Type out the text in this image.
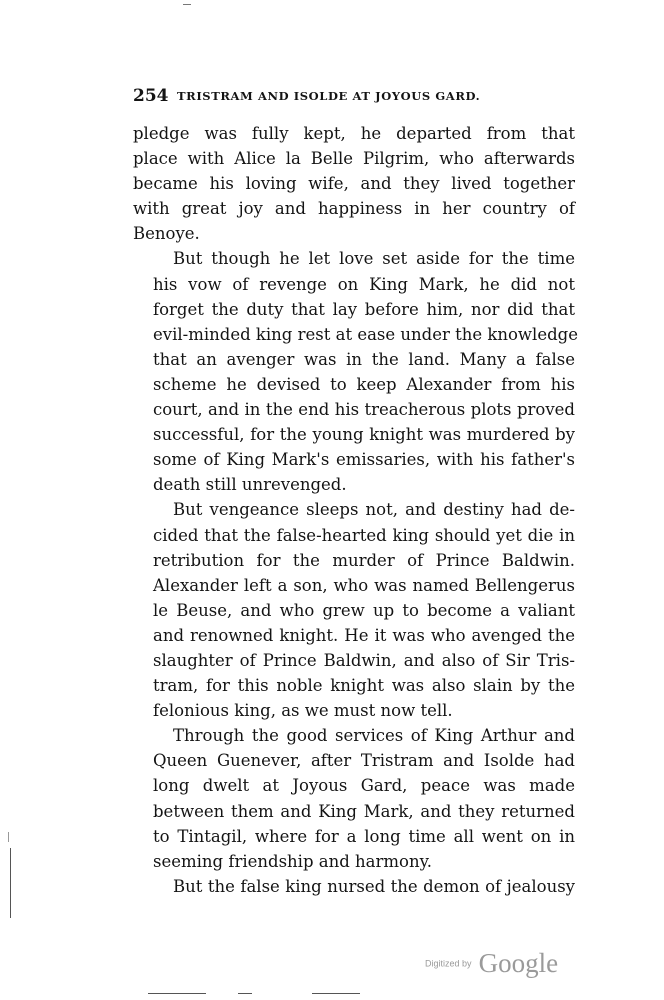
254 TRISTRAM AND ISOLDE AT JOYOUS GARD.

pledge was fully kept, he departed from that
place with Alice la Belle Pilgrim, who afterwards
became his loving wife, and they lived together
with great joy and happiness in her country of
Benoye.

But though he let love set aside for the time
his vow of revenge on King Mark, he did not
forget the duty that lay before him, nor did that
evil-minded king rest at ease under the knowledge
that an avenger was in the land. Many a false
scheme he devised to keep Alexander from his
court, and in the end his treacherous plots proved
successful, for the young knight was murdered by
some of King Mark's emissaries, with his father's
death still unrevenged.

But vengeance sleeps not, and destiny had de-
cided that the false-hearted king should yet die in
retribution for the murder of Prince Baldwin.
Alexander left a son, who was named Bellengerus
le Beuse, and who grew up to become a valiant
and renowned knight. He it was who avenged the
slaughter of Prince Baldwin, and also of Sir Tris-
tram, for this noble knight was also slain by the
felonious king, as we must now tell.

Through the good services of King Arthur and
Queen Guenever, after Tristram and Isolde had
long dwelt at Joyous Gard, peace was made
between them and King Mark, and they returned
to Tintagil, where for a long time all went on in
seeming friendship and harmony.

But the false king nursed the demon of jealousy

Digitized by Google
